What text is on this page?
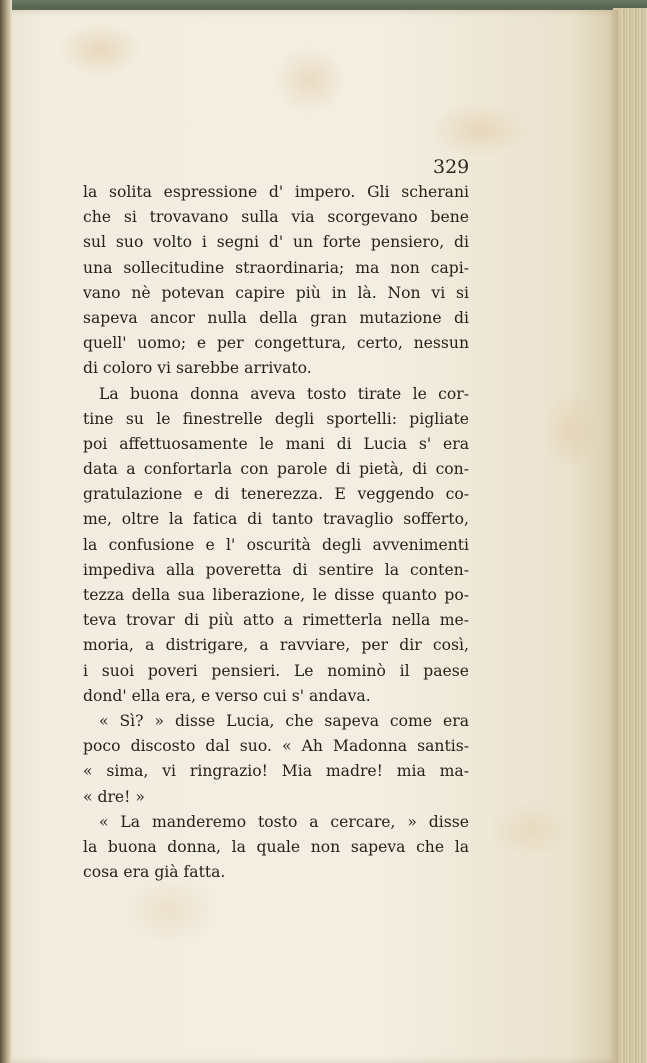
329
la solita espressione d' impero. Gli scherani
che si trovavano sulla via scorgevano bene
sul suo volto i segni d' un forte pensiero, di
una sollecitudine straordinaria; ma non capi-
vano nè potevan capire più in là. Non vi si
sapeva ancor nulla della gran mutazione di
quell' uomo; e per congettura, certo, nessun
di coloro vi sarebbe arrivato.
La buona donna aveva tosto tirate le cor-
tine su le finestrelle degli sportelli: pigliate
poi affettuosamente le mani di Lucia s' era
data a confortarla con parole di pietà, di con-
gratulazione e di tenerezza. E veggendo co-
me, oltre la fatica di tanto travaglio sofferto,
la confusione e l' oscurità degli avvenimenti
impediva alla poveretta di sentire la conten-
tezza della sua liberazione, le disse quanto po-
teva trovar di più atto a rimetterla nella me-
moria, a distrigare, a ravviare, per dir così,
i suoi poveri pensieri. Le nominò il paese
dond' ella era, e verso cui s' andava.
« Sì? » disse Lucia, che sapeva come era
poco discosto dal suo. « Ah Madonna santis-
« sima, vi ringrazio! Mia madre! mia ma-
« dre! »
« La manderemo tosto a cercare, » disse
la buona donna, la quale non sapeva che la
cosa era già fatta.
